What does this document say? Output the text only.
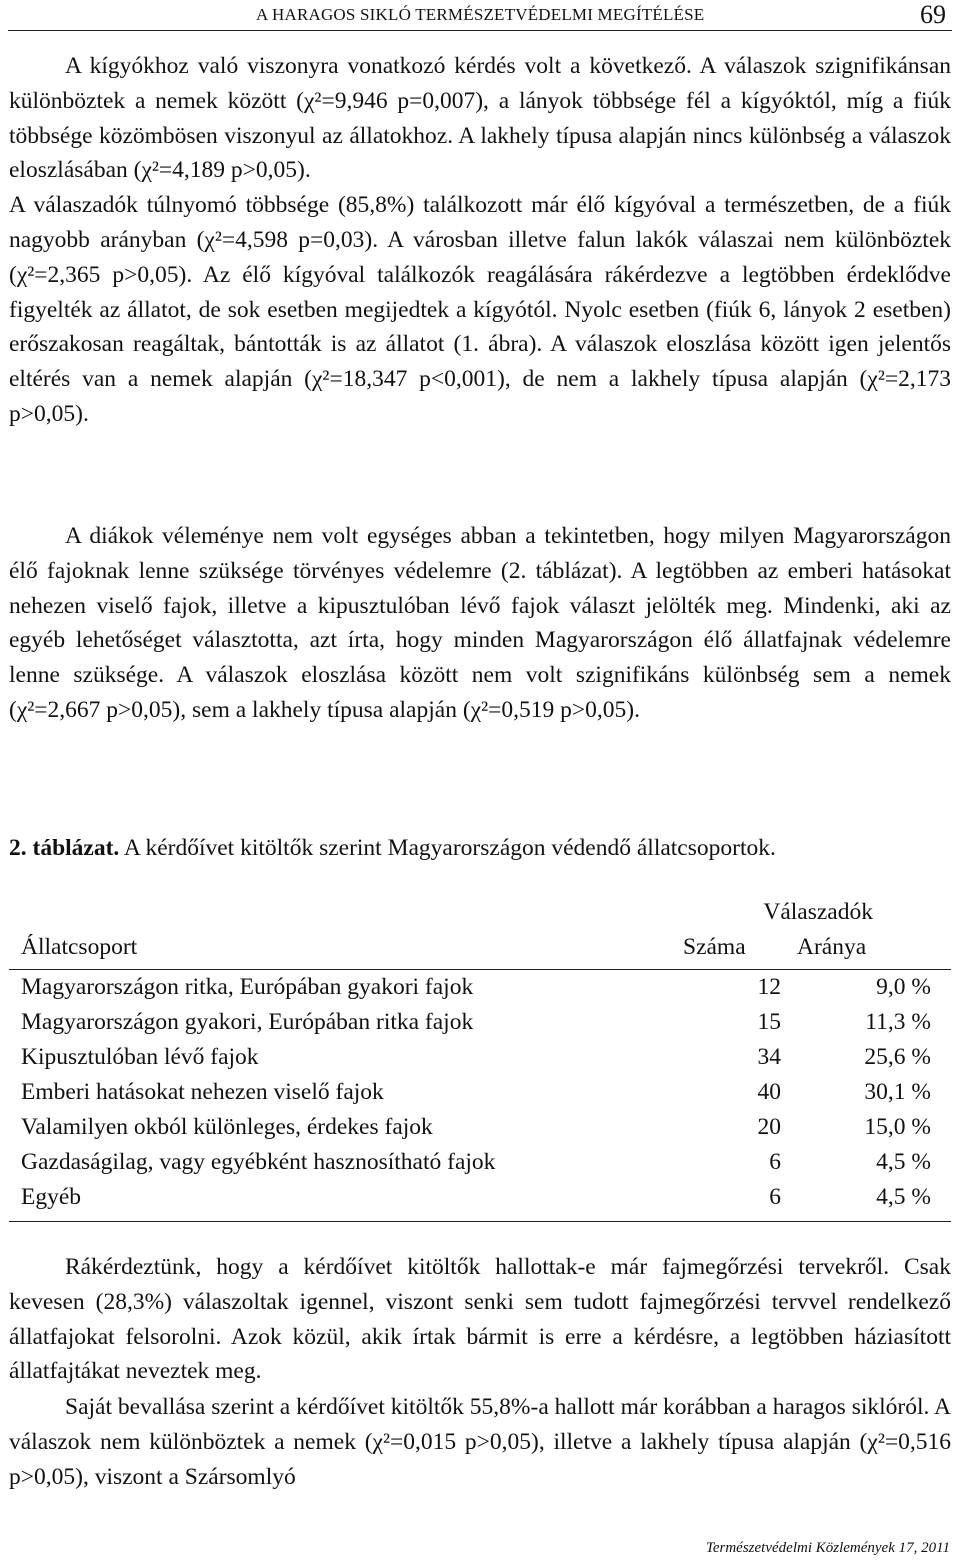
A HARAGOS SIKLÓ TERMÉSZETVÉDELMI MEGÍTÉLÉSE	69
A kígyókhoz való viszonyra vonatkozó kérdés volt a következő. A válaszok szignifikánsan különböztek a nemek között (χ²=9,946 p=0,007), a lányok többsége fél a kígyóktól, míg a fiúk többsége közömbösen viszonyul az állatokhoz. A lakhely típusa alapján nincs különbség a válaszok eloszlásában (χ²=4,189 p>0,05).
A válaszadók túlnyomó többsége (85,8%) találkozott már élő kígyóval a természetben, de a fiúk nagyobb arányban (χ²=4,598 p=0,03). A városban illetve falun lakók válaszai nem különböztek (χ²=2,365 p>0,05). Az élő kígyóval találkozók reagálására rákérdezve a legtöbben érdeklődve figyelték az állatot, de sok esetben megijedtek a kígyótól. Nyolc esetben (fiúk 6, lányok 2 esetben) erőszakosan reagáltak, bántották is az állatot (1. ábra). A válaszok eloszlása között igen jelentős eltérés van a nemek alapján (χ²=18,347 p<0,001), de nem a lakhely típusa alapján (χ²=2,173 p>0,05).
A diákok véleménye nem volt egységes abban a tekintetben, hogy milyen Magyarországon élő fajoknak lenne szüksége törvényes védelemre (2. táblázat). A legtöbben az emberi hatásokat nehezen viselő fajok, illetve a kipusztulóban lévő fajok választ jelölték meg. Mindenki, aki az egyéb lehetőséget választotta, azt írta, hogy minden Magyarországon élő állatfajnak védelemre lenne szüksége. A válaszok eloszlása között nem volt szignifikáns különbség sem a nemek (χ²=2,667 p>0,05), sem a lakhely típusa alapján (χ²=0,519 p>0,05).
2. táblázat. A kérdőívet kitöltők szerint Magyarországon védendő állatcsoportok.
Válaszadók
Állatcsoport	Száma Aránya
Magyarországon ritka, Európában gyakori fajok	12	9,0 %
Magyarországon gyakori, Európában ritka fajok	15	11,3 %
Kipusztulóban lévő fajok	34	25,6 %
Emberi hatásokat nehezen viselő fajok	40	30,1 %
Valamilyen okból különleges, érdekes fajok	20	15,0 %
Gazdaságilag, vagy egyébként hasznosítható fajok	6	4,5 %
Egyéb	6	4,5 %
Rákérdeztünk, hogy a kérdőívet kitöltők hallottak-e már fajmegőrzési tervekről. Csak kevesen (28,3%) válaszoltak igennel, viszont senki sem tudott fajmegőrzési tervvel rendelkező állatfajokat felsorolni. Azok közül, akik írtak bármit is erre a kérdésre, a legtöbben háziasított állatfajtákat neveztek meg.
Saját bevallása szerint a kérdőívet kitöltők 55,8%-a hallott már korábban a haragos siklóról. A válaszok nem különböztek a nemek (χ²=0,015 p>0,05), illetve a lakhely típusa alapján (χ²=0,516 p>0,05), viszont a Szársomlyó
Természetvédelmi Közlemények 17, 2011
